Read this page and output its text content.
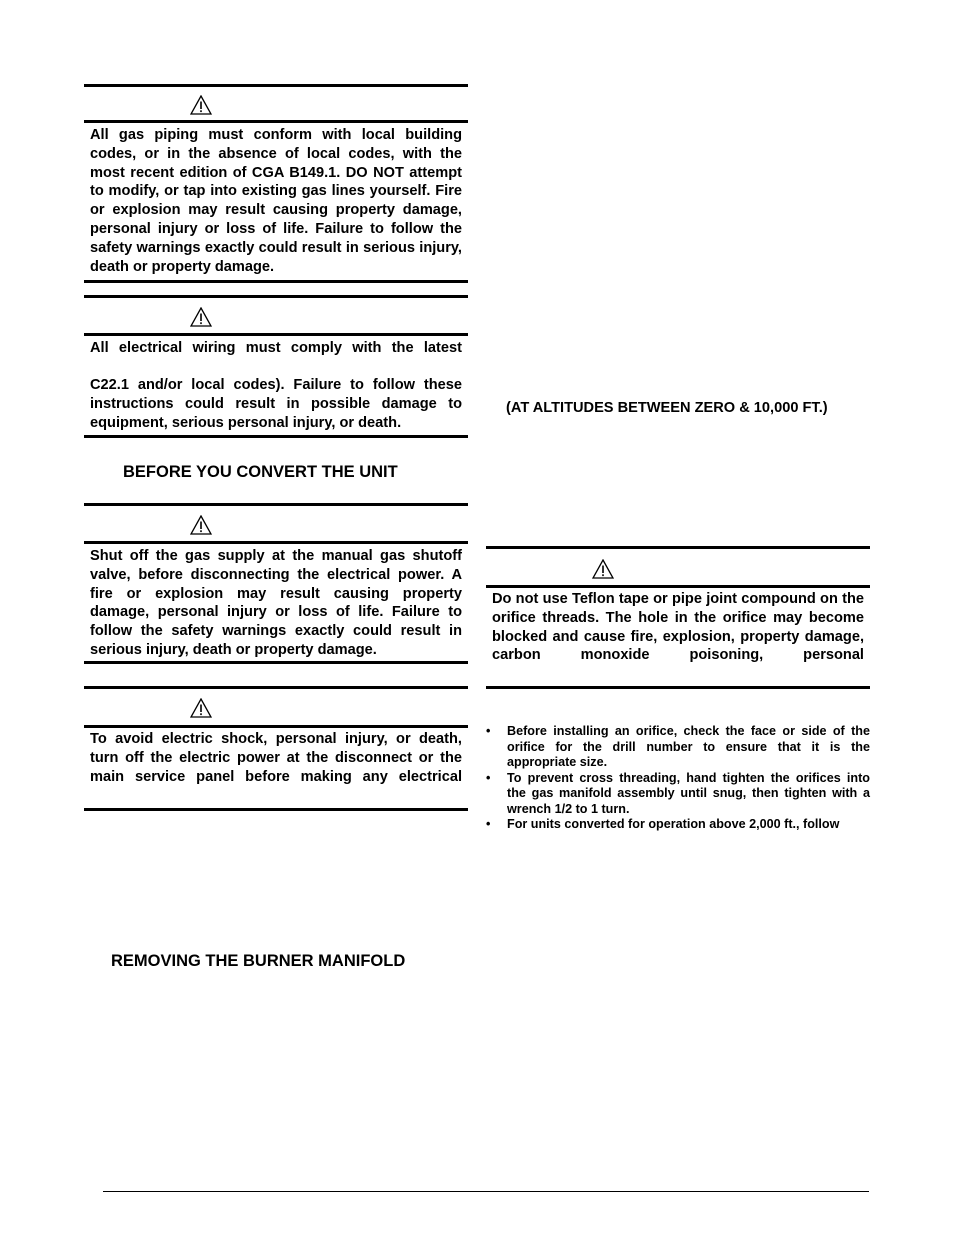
All gas piping must conform with local building codes, or in the absence of local codes, with the most recent edition of CGA B149.1. DO NOT attempt to modify, or tap into existing gas lines yourself. Fire or explosion may result causing property damage, personal injury or loss of life. Failure to follow the safety warnings exactly could result in serious injury, death or property damage.
All electrical wiring must comply with the latest
C22.1 and/or local codes). Failure to follow these instructions could result in possible damage to equipment, serious personal injury, or death.
BEFORE YOU CONVERT THE UNIT
Shut off the gas supply at the manual gas shutoff valve, before disconnecting the electrical power. A fire or explosion may result causing property damage, personal injury or loss of life. Failure to follow the safety warnings exactly could result in serious injury, death or property damage.
To avoid electric shock, personal injury, or death, turn off the electric power at the disconnect or the main service panel before making any electrical
REMOVING THE BURNER MANIFOLD
(AT ALTITUDES BETWEEN ZERO & 10,000 FT.)
Do not use Teflon tape or pipe joint compound on the orifice threads. The hole in the orifice may become blocked and cause fire, explosion, property damage, carbon monoxide poisoning, personal
• Before installing an orifice, check the face or side of the orifice for the drill number to ensure that it is the appropriate size.
• To prevent cross threading, hand tighten the orifices into the gas manifold assembly until snug, then tighten with a wrench 1/2 to 1 turn.
• For units converted for operation above 2,000 ft., follow
